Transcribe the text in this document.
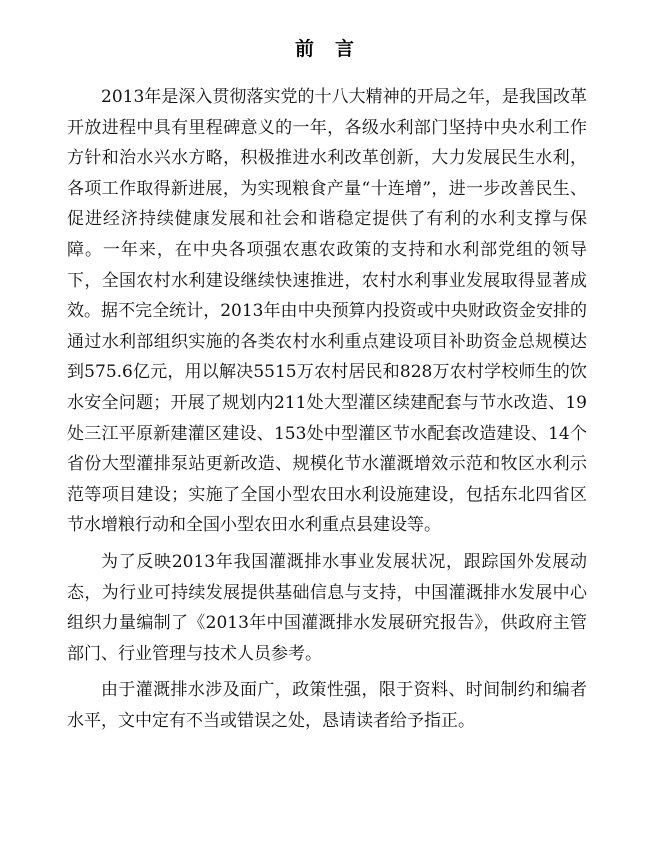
前　言

2013年是深入贯彻落实党的十八大精神的开局之年，是我国改革开放进程中具有里程碑意义的一年，各级水利部门坚持中央水利工作方针和治水兴水方略，积极推进水利改革创新，大力发展民生水利，各项工作取得新进展，为实现粮食产量“十连增”，进一步改善民生、促进经济持续健康发展和社会和谐稳定提供了有利的水利支撑与保障。一年来，在中央各项强农惠农政策的支持和水利部党组的领导下，全国农村水利建设继续快速推进，农村水利事业发展取得显著成效。据不完全统计，2013年由中央预算内投资或中央财政资金安排的通过水利部组织实施的各类农村水利重点建设项目补助资金总规模达到575.6亿元，用以解决5515万农村居民和828万农村学校师生的饮水安全问题；开展了规划内211处大型灌区续建配套与节水改造、19处三江平原新建灌区建设、153处中型灌区节水配套改造建设、14个省份大型灌排泵站更新改造、规模化节水灌溉增效示范和牧区水利示范等项目建设；实施了全国小型农田水利设施建设，包括东北四省区节水增粮行动和全国小型农田水利重点县建设等。

为了反映2013年我国灌溉排水事业发展状况，跟踪国外发展动态，为行业可持续发展提供基础信息与支持，中国灌溉排水发展中心组织力量编制了《2013年中国灌溉排水发展研究报告》，供政府主管部门、行业管理与技术人员参考。

由于灌溉排水涉及面广，政策性强，限于资料、时间制约和编者水平，文中定有不当或错误之处，恳请读者给予指正。
